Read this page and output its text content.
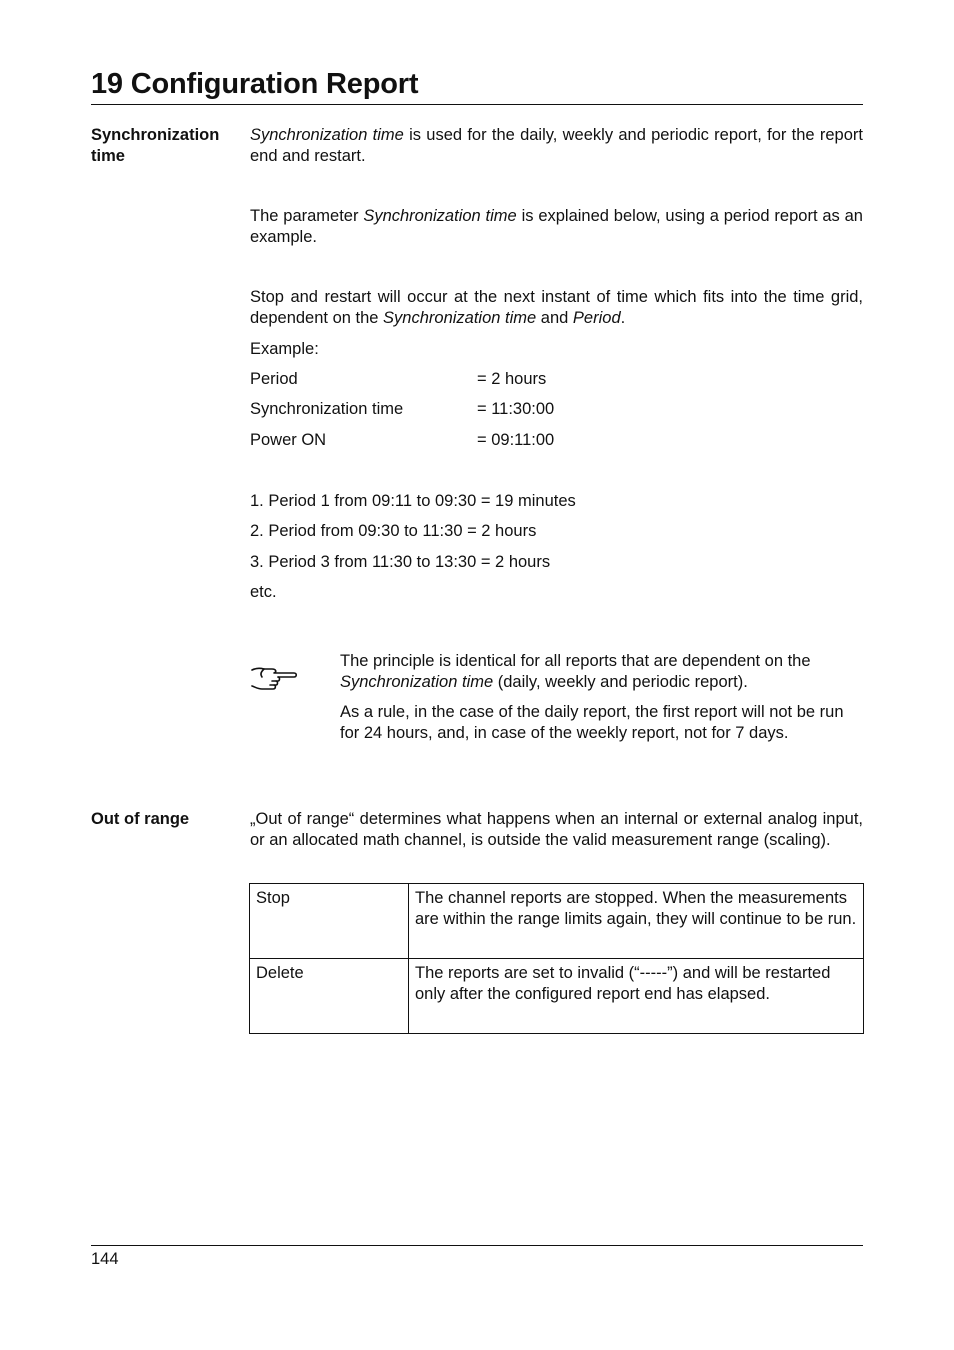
19 Configuration Report

Synchronization
time

Synchronization time is used for the daily, weekly and periodic report, for the report end and restart.

The parameter Synchronization time is explained below, using a period report as an example.

Stop and restart will occur at the next instant of time which fits into the time grid, dependent on the Synchronization time and Period.

Example:
Period	= 2 hours
Synchronization time	= 11:30:00
Power ON	= 09:11:00
1. Period 1 from 09:11 to 09:30 = 19 minutes
2. Period from 09:30 to 11:30 = 2 hours
3. Period 3 from 11:30 to 13:30 = 2 hours
etc.

The principle is identical for all reports that are dependent on the Synchronization time (daily, weekly and periodic report).

As a rule, in the case of the daily report, the first report will not be run for 24 hours, and, in case of the weekly report, not for 7 days.

Out of range	„Out of range“ determines what happens when an internal or external analog input, or an allocated math channel, is outside the valid measurement range (scaling).

Stop	The channel reports are stopped. When the measurements are within the range limits again, they will continue to be run.
Delete	The reports are set to invalid (“-----”) and will be restarted only after the configured report end has elapsed.
144
